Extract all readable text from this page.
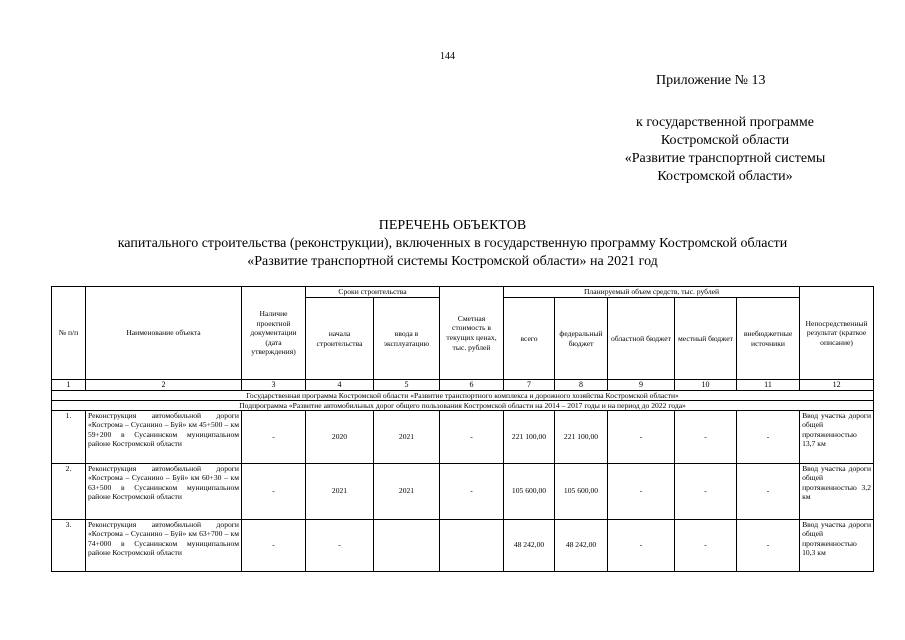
144
Приложение № 13
к государственной программе
Костромской области
«Развитие транспортной системы
Костромской области»
ПЕРЕЧЕНЬ ОБЪЕКТОВ
капитального строительства (реконструкции), включенных в государственную программу Костромской области
«Развитие транспортной системы Костромской области» на 2021 год
№ п/п	Наименование объекта	Наличие проектной документации (дата утверждения)	Сроки строительства		Сметная стоимость в текущих ценах, тыс. рублей	Планируемый объем средств, тыс. рублей					Непосредственный результат (краткое описание)
			начала строительства	ввода в эксплуатацию		всего	федеральный бюджет	областной бюджет	местный бюджет	внебюджетные источники	
1	2	3	4	5	6	7	8	9	10	11	12
Государственная программа Костромской области «Развитие транспортного комплекса и дорожного хозяйства Костромской области»											
Подпрограмма «Развитие автомобильных дорог общего пользования Костромской области на 2014 – 2017 годы и на период до 2022 года»											
1.	Реконструкция автомобильной дороги «Кострома – Сусанино – Буй» км 45+500 – км 59+200 в Сусанинском муниципальном районе Костромской области	-	2020	2021	-	221 100,00	221 100,00	-	-	-	Ввод участка дороги общей протяженностью 13,7 км
2.	Реконструкция автомобильной дороги «Кострома – Сусанино – Буй» км 60+30 – км 63+500 в Сусанинском муниципальном районе Костромской области	-	2021	2021	-	105 600,00	105 600,00	-	-	-	Ввод участка дороги общей протяженностью 3,2 км
3.	Реконструкция автомобильной дороги «Кострома – Сусанино – Буй» км 63+700 – км 74+000 в Сусанинском муниципальном районе Костромской области	-	-			48 242,00	48 242,00	-	-	-	Ввод участка дороги общей протяженностью 10,3 км
